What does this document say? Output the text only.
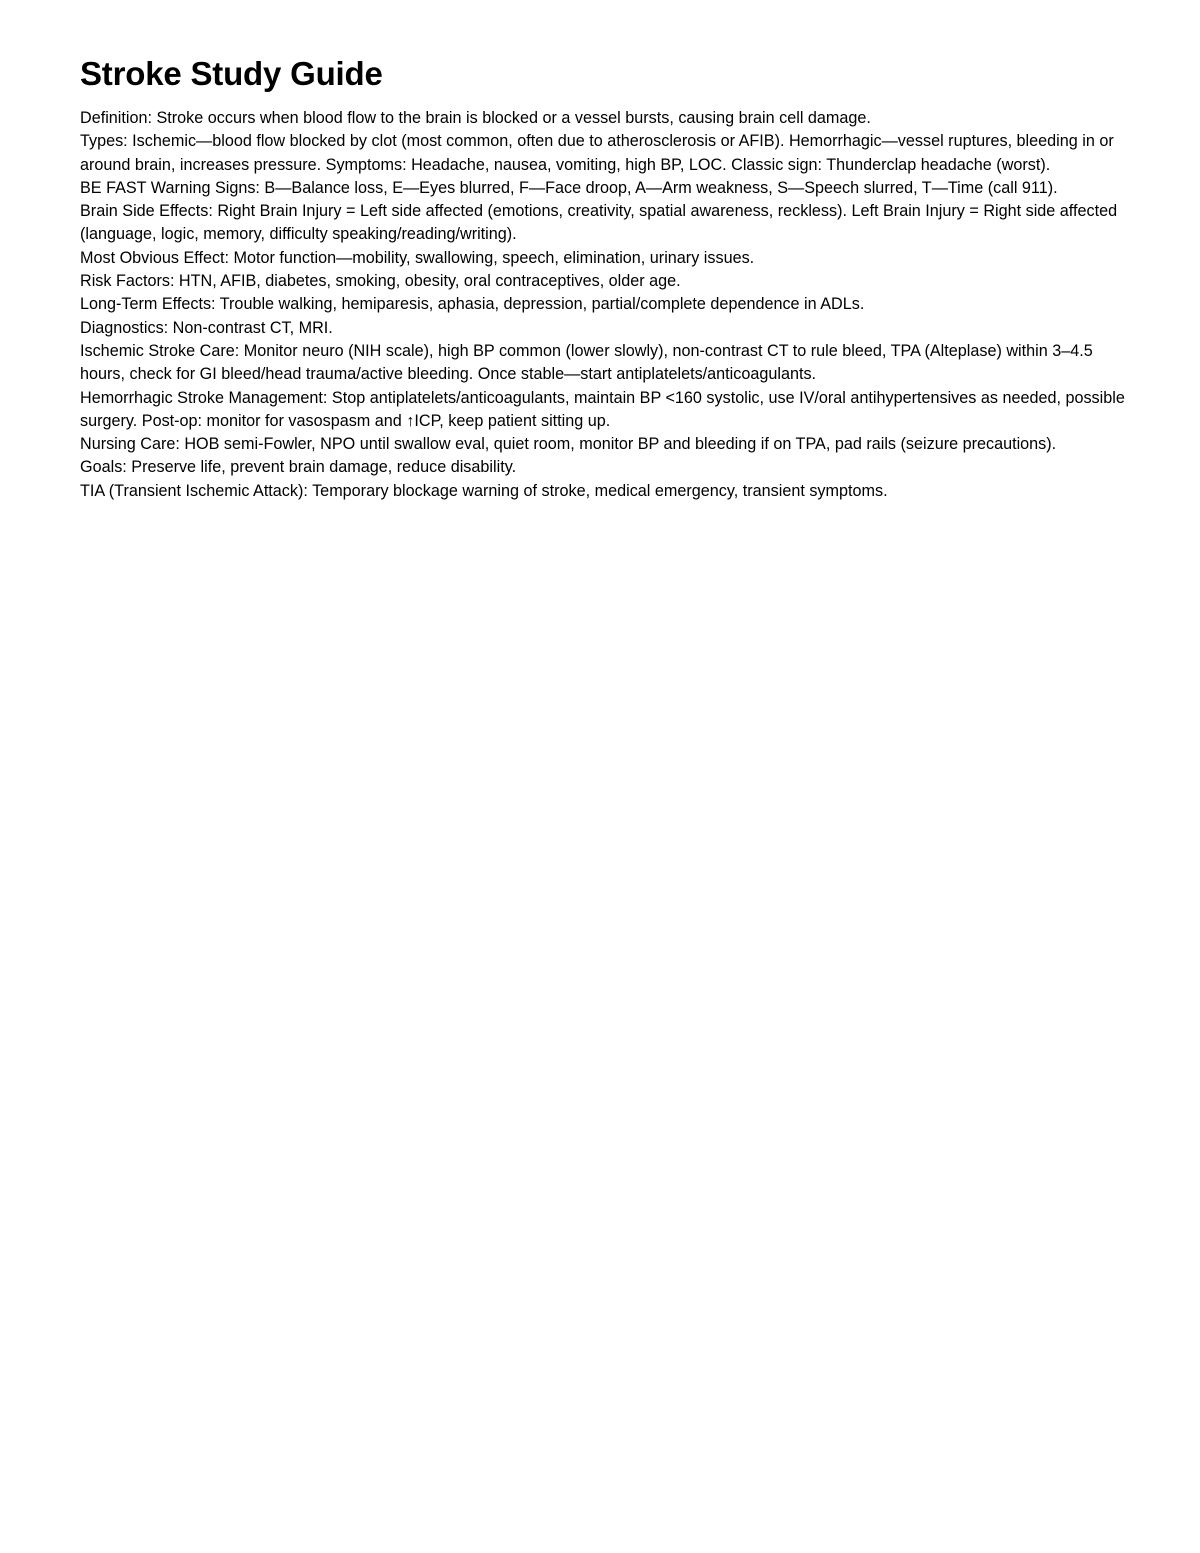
Stroke Study Guide

Definition: Stroke occurs when blood flow to the brain is blocked or a vessel bursts, causing brain cell damage.

Types: Ischemic—blood flow blocked by clot (most common, often due to atherosclerosis or AFIB). Hemorrhagic—vessel ruptures, bleeding in or around brain, increases pressure. Symptoms: Headache, nausea, vomiting, high BP, LOC. Classic sign: Thunderclap headache (worst).

BE FAST Warning Signs: B—Balance loss, E—Eyes blurred, F—Face droop, A—Arm weakness, S—Speech slurred, T—Time (call 911).

Brain Side Effects: Right Brain Injury = Left side affected (emotions, creativity, spatial awareness, reckless). Left Brain Injury = Right side affected (language, logic, memory, difficulty speaking/reading/writing).

Most Obvious Effect: Motor function—mobility, swallowing, speech, elimination, urinary issues.

Risk Factors: HTN, AFIB, diabetes, smoking, obesity, oral contraceptives, older age.

Long-Term Effects: Trouble walking, hemiparesis, aphasia, depression, partial/complete dependence in ADLs.

Diagnostics: Non-contrast CT, MRI.

Ischemic Stroke Care: Monitor neuro (NIH scale), high BP common (lower slowly), non-contrast CT to rule bleed, TPA (Alteplase) within 3–4.5 hours, check for GI bleed/head trauma/active bleeding. Once stable—start antiplatelets/anticoagulants.

Hemorrhagic Stroke Management: Stop antiplatelets/anticoagulants, maintain BP <160 systolic, use IV/oral antihypertensives as needed, possible surgery. Post-op: monitor for vasospasm and ↑ICP, keep patient sitting up.

Nursing Care: HOB semi-Fowler, NPO until swallow eval, quiet room, monitor BP and bleeding if on TPA, pad rails (seizure precautions).

Goals: Preserve life, prevent brain damage, reduce disability.

TIA (Transient Ischemic Attack): Temporary blockage warning of stroke, medical emergency, transient symptoms.
